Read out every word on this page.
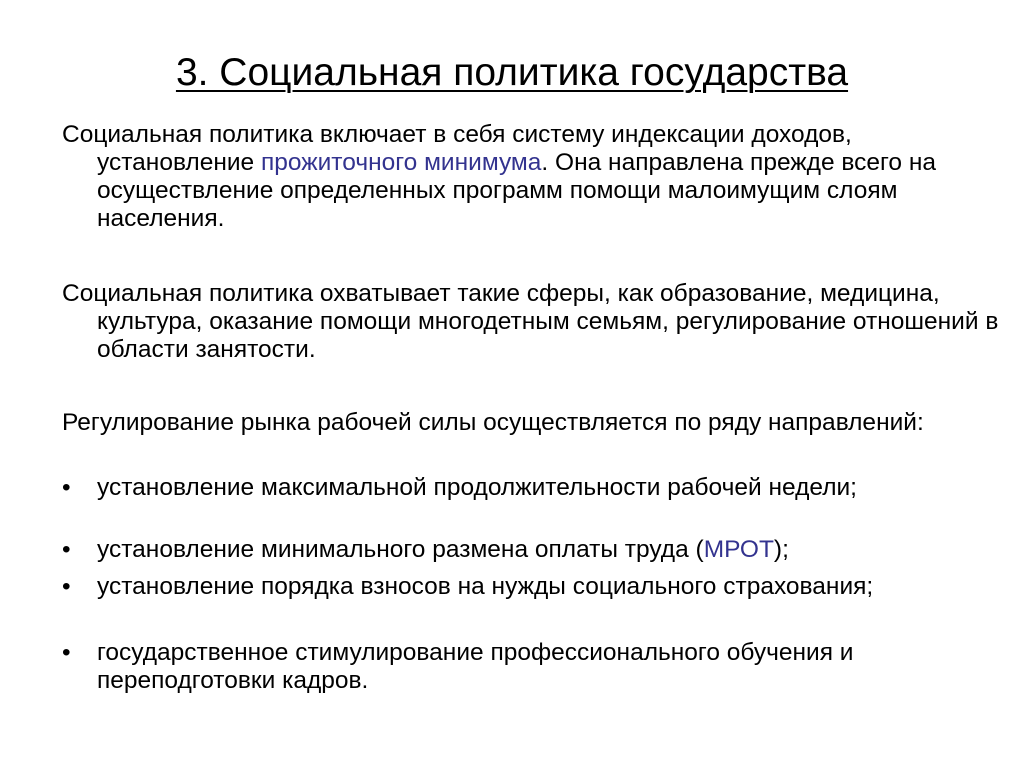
3. Социальная политика государства
Социальная политика включает в себя систему индексации доходов, установление прожиточного минимума. Она направлена прежде всего на осуществление определенных программ помощи малоимущим слоям населения.
Социальная политика охватывает такие сферы, как образование, медицина, культура, оказание помощи многодетным семьям, регулирование отношений в области занятости.
Регулирование рынка рабочей силы осуществляется по ряду направлений:
• установление максимальной продолжительности рабочей недели;
• установление минимального размена оплаты труда (МРОТ);
• установление порядка взносов на нужды социального страхования;
• государственное стимулирование профессионального обучения и переподготовки кадров.
